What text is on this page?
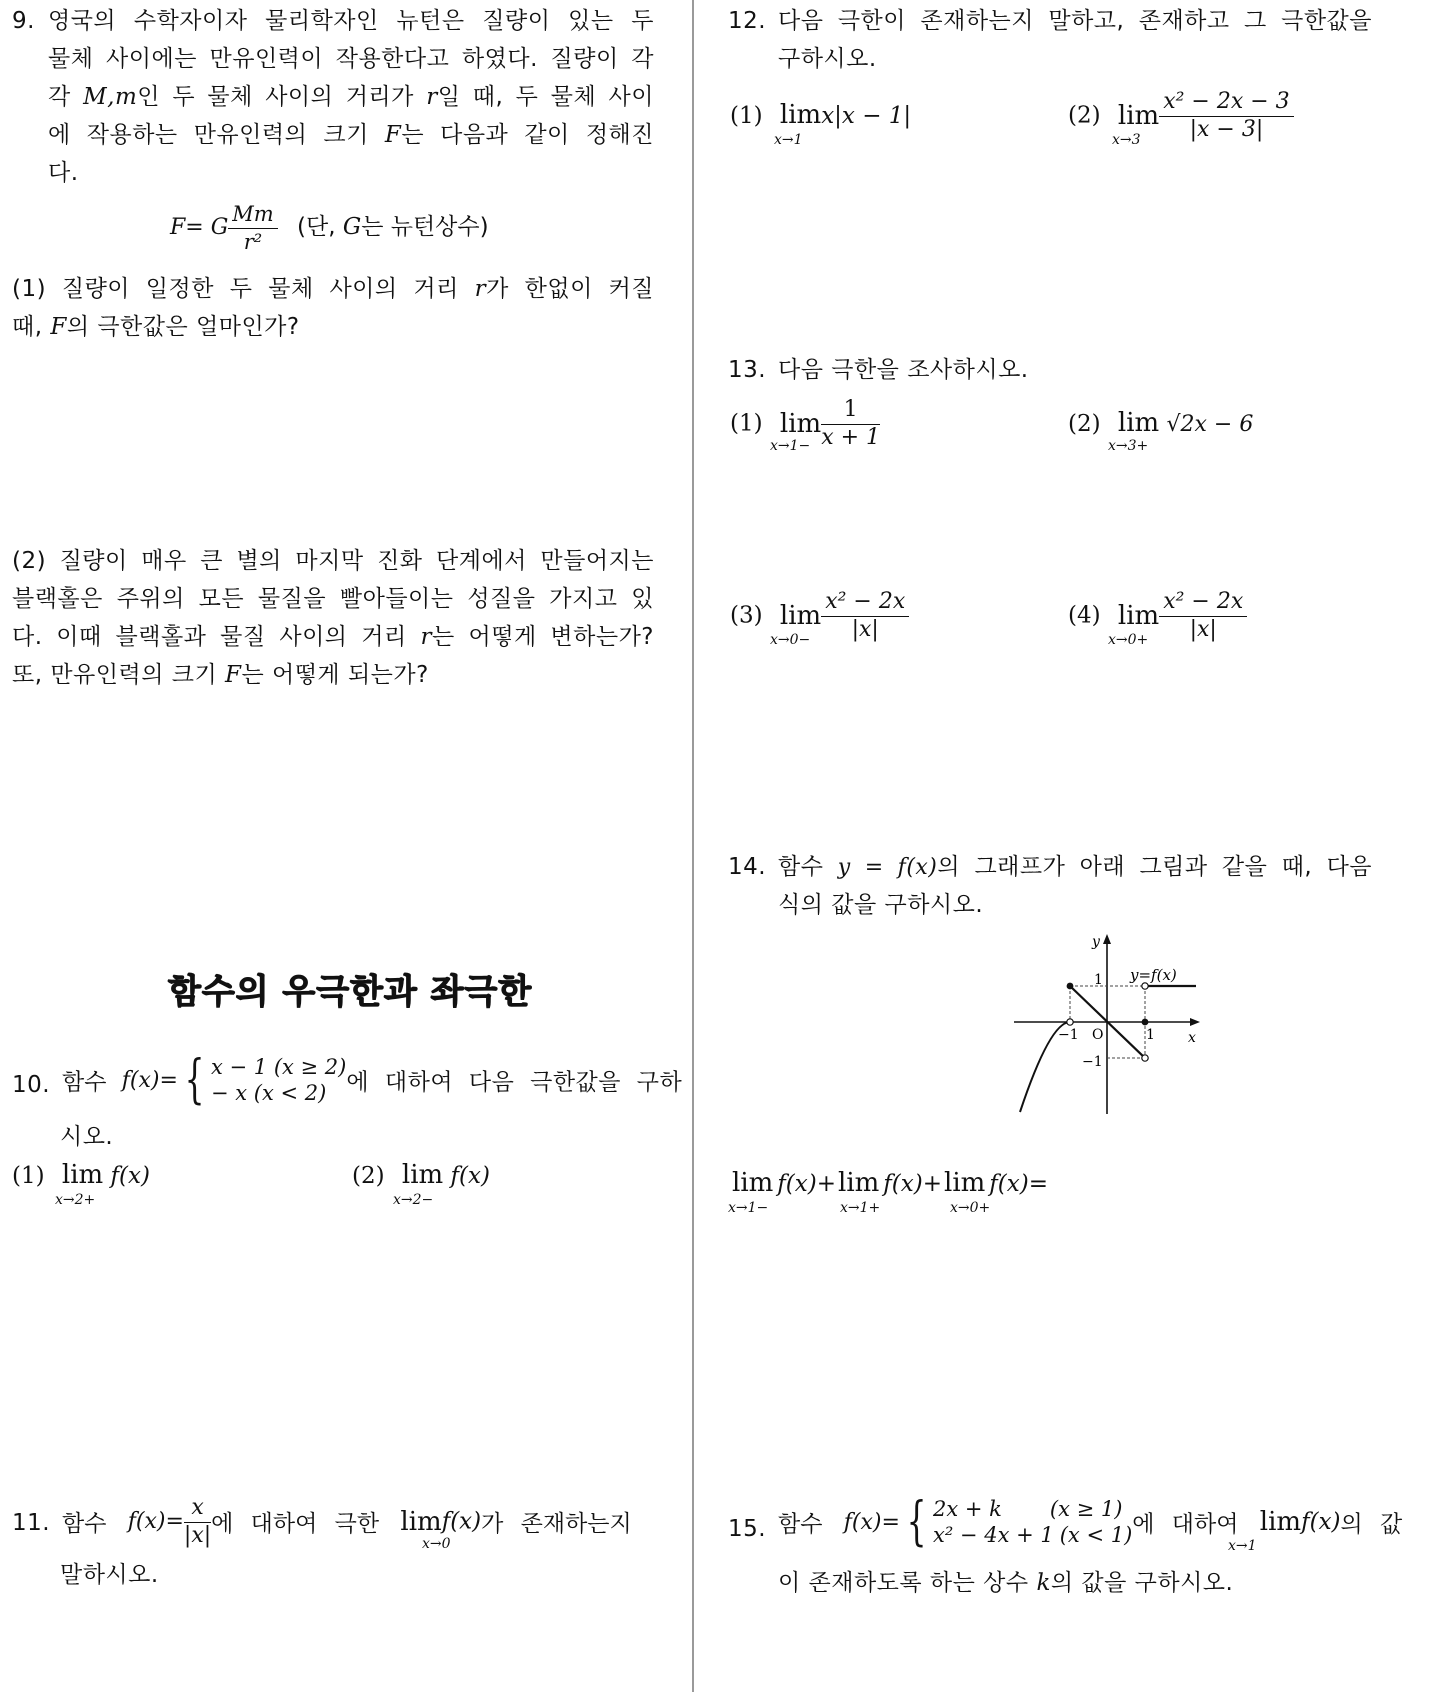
9. 영국의 수학자이자 물리학자인 뉴턴은 질량이 있는 두
물체 사이에는 만유인력이 작용한다고 하였다. 질량이 각
각 M,m인 두 물체 사이의 거리가 r일 때, 두 물체 사이
에 작용하는 만유인력의 크기 F는 다음과 같이 정해진
다.
F= G $\frac{Mm}{\text{r²}}$ (단, G는 뉴턴상수)
(1) 질량이 일정한 두 물체 사이의 거리 r가 한없이 커질
때, F의 극한값은 얼마인가?
(2) 질량이 매우 큰 별의 마지막 진화 단계에서 만들어지는
블랙홀은 주위의 모든 물질을 빨아들이는 성질을 가지고 있
다. 이때 블랙홀과 물질 사이의 거리 r는 어떻게 변하는가?
또, 만유인력의 크기 F는 어떻게 되는가?
함수의 우극한과 좌극한
10. 함수 f(x)= { x − 1 (x ≥ 2)
− x (x < 2) 에 대하여 다음 극한값을 구하
시오.
(1) lim f(x)
x→2+
(2) lim f(x)
x→2−
11. 함수 $f(x)= \frac{x}{|x|}$ 에 대하여 극한 limf(x)가 존재하는지
x→0
말하시오.
12. 다음 극한이 존재하는지 말하고, 존재하고 그 극한값을
구하시오.
(1) limx|x − 1|
x→1
(2) $\lim \frac{\text{x² − 2x − 3}}{|x - 3|}$
x→3
13. 다음 극한을 조사하시오.
(1) $\lim \frac{1}{x + 1}$
x→1−
(2) lim √2x − 6
x→3+
(3) $\lim \frac{\text{x² − 2x}}{|x|}$
x→0−
(4) $\lim \frac{\text{x² − 2x}}{|x|}$
x→0+
14. 함수 y = f(x)의 그래프가 아래 그림과 같을 때, 다음
식의 값을 구하시오.
y
x
y=f(x)
1
−1 O	1
−1
lim f(x)+lim f(x)+lim f(x)=
x→1−	x→1+	x→0+
15. 함수 f(x)= { 2x + k (x ≥ 1)
x² − 4x + 1 (x < 1) 에 대하여 limf(x)의 값
x→1
이 존재하도록 하는 상수 k의 값을 구하시오.
